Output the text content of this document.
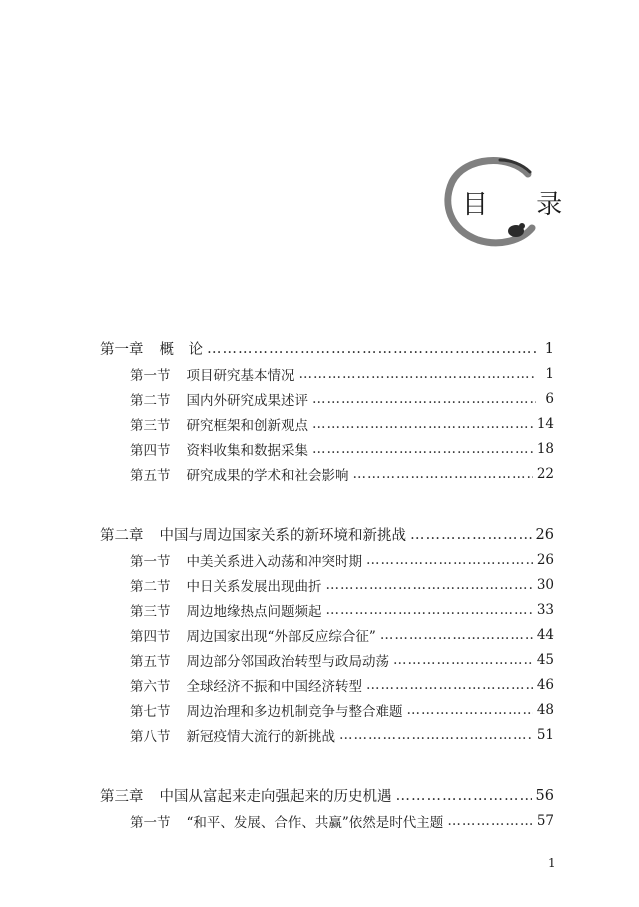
目 录
第一章 概　论 ……………………………………………………………………………………………………………………………………	1
第一节 项目研究基本情况 ……………………………………………………………………………………………………………………………………	1
第二节 国内外研究成果述评 ……………………………………………………………………………………………………………………………………	6
第三节 研究框架和创新观点 ……………………………………………………………………………………………………………………………………	14
第四节 资料收集和数据采集 ……………………………………………………………………………………………………………………………………	18
第五节 研究成果的学术和社会影响 ……………………………………………………………………………………………………………………………………	22
第二章 中国与周边国家关系的新环境和新挑战 ……………………………………………………………………………………………………………………………………	26
第一节 中美关系进入动荡和冲突时期 ……………………………………………………………………………………………………………………………………	26
第二节 中日关系发展出现曲折 ……………………………………………………………………………………………………………………………………	30
第三节 周边地缘热点问题频起 ……………………………………………………………………………………………………………………………………	33
第四节 周边国家出现“外部反应综合征” ……………………………………………………………………………………………………………………………………	44
第五节 周边部分邻国政治转型与政局动荡 ……………………………………………………………………………………………………………………………………	45
第六节 全球经济不振和中国经济转型 ……………………………………………………………………………………………………………………………………	46
第七节 周边治理和多边机制竞争与整合难题 ……………………………………………………………………………………………………………………………………	48
第八节 新冠疫情大流行的新挑战 ……………………………………………………………………………………………………………………………………	51
第三章 中国从富起来走向强起来的历史机遇 ……………………………………………………………………………………………………………………………………	56
第一节 “和平、发展、合作、共赢”依然是时代主题 ……………………………………………………………………………………………………………………………………	57
1
